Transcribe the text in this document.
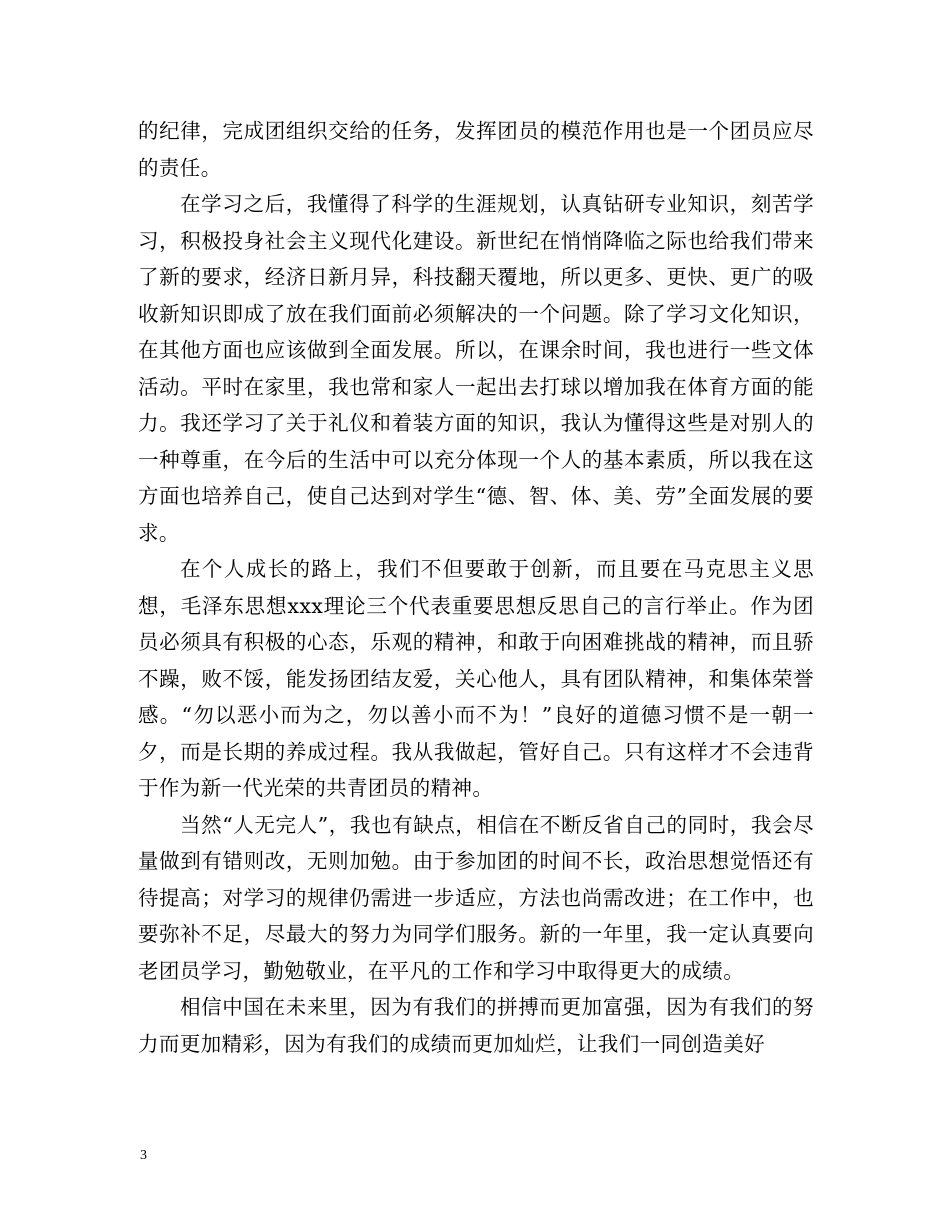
的纪律，完成团组织交给的任务，发挥团员的模范作用也是一个团员应尽的责任。

在学习之后，我懂得了科学的生涯规划，认真钻研专业知识，刻苦学习，积极投身社会主义现代化建设。新世纪在悄悄降临之际也给我们带来了新的要求，经济日新月异，科技翻天覆地，所以更多、更快、更广的吸收新知识即成了放在我们面前必须解决的一个问题。除了学习文化知识，在其他方面也应该做到全面发展。所以，在课余时间，我也进行一些文体活动。平时在家里，我也常和家人一起出去打球以增加我在体育方面的能力。我还学习了关于礼仪和着装方面的知识，我认为懂得这些是对别人的一种尊重，在今后的生活中可以充分体现一个人的基本素质，所以我在这方面也培养自己，使自己达到对学生“德、智、体、美、劳”全面发展的要求。

在个人成长的路上，我们不但要敢于创新，而且要在马克思主义思想，毛泽东思想xxx理论三个代表重要思想反思自己的言行举止。作为团员必须具有积极的心态，乐观的精神，和敢于向困难挑战的精神，而且骄不躁，败不馁，能发扬团结友爱，关心他人，具有团队精神，和集体荣誉感。“勿以恶小而为之，勿以善小而不为！”良好的道德习惯不是一朝一夕，而是长期的养成过程。我从我做起，管好自己。只有这样才不会违背于作为新一代光荣的共青团员的精神。

当然“人无完人”，我也有缺点，相信在不断反省自己的同时，我会尽量做到有错则改，无则加勉。由于参加团的时间不长，政治思想觉悟还有待提高；对学习的规律仍需进一步适应，方法也尚需改进；在工作中，也要弥补不足，尽最大的努力为同学们服务。新的一年里，我一定认真要向老团员学习，勤勉敬业，在平凡的工作和学习中取得更大的成绩。

相信中国在未来里，因为有我们的拼搏而更加富强，因为有我们的努力而更加精彩，因为有我们的成绩而更加灿烂，让我们一同创造美好

3
